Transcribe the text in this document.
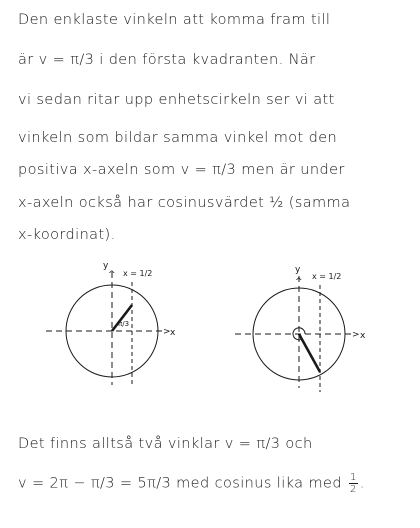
Den enklaste vinkeln att komma fram till
är v = π/3 i den första kvadranten. När
vi sedan ritar upp enhetscirkeln ser vi att
vinkeln som bildar samma vinkel mot den
positiva x-axeln som v = π/3 men är under
x-axeln också har cosinusvärdet ½ (samma
x-koordinat).
y
^ x = 1/2
π/3
> x
y
^
x = 1/2
> x
Det finns alltså två vinklar v = π/3 och
v = 2π − π/3 = 5π/3 med cosinus lika med $\frac{1}{2}$ .
